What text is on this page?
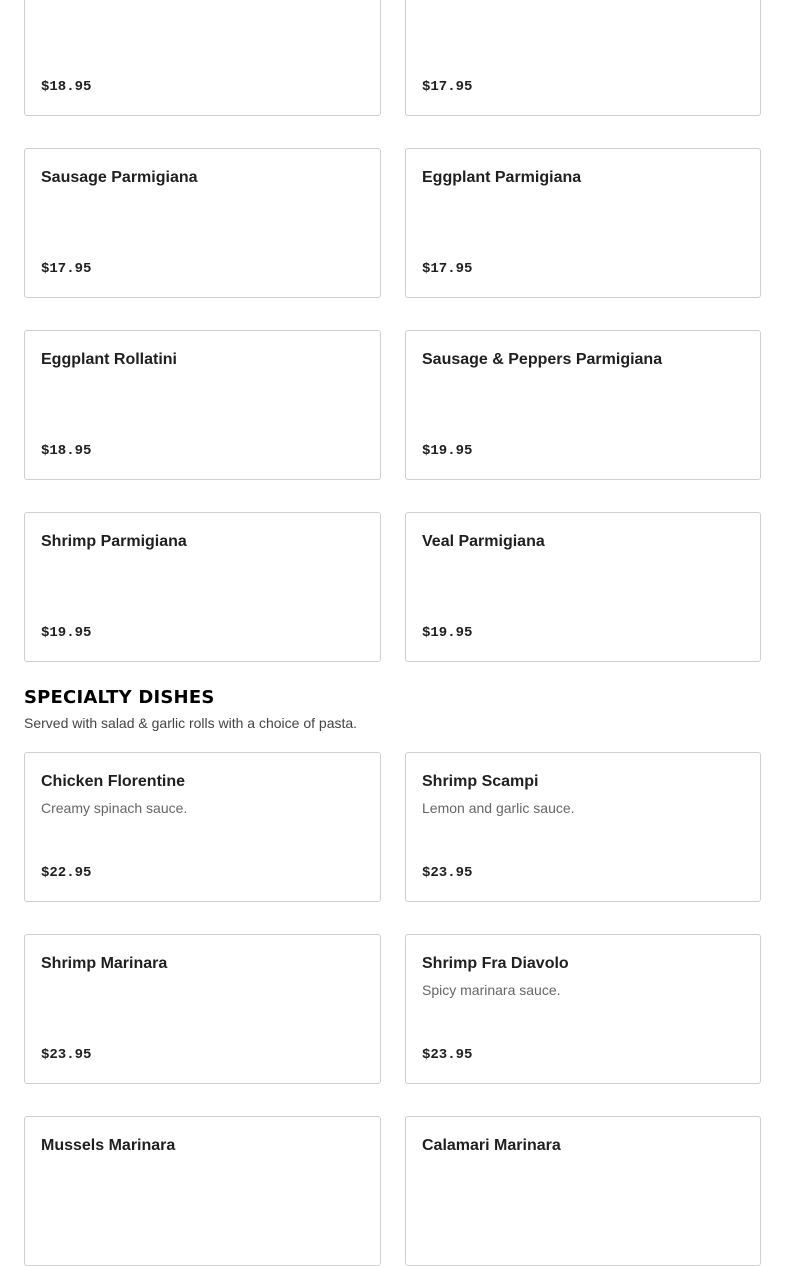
$18.95	$17.95
Sausage Parmigiana
$17.95
Eggplant Parmigiana
$17.95
Eggplant Rollatini
$18.95
Sausage & Peppers Parmigiana
$19.95
Shrimp Parmigiana
$19.95
Veal Parmigiana
$19.95
SPECIALTY DISHES

Served with salad & garlic rolls with a choice of pasta.

Chicken Florentine
Creamy spinach sauce.
$22.95
Shrimp Scampi
Lemon and garlic sauce.
$23.95
Shrimp Marinara
$23.95
Shrimp Fra Diavolo
Spicy marinara sauce.
$23.95
Mussels Marinara	Calamari Marinara
